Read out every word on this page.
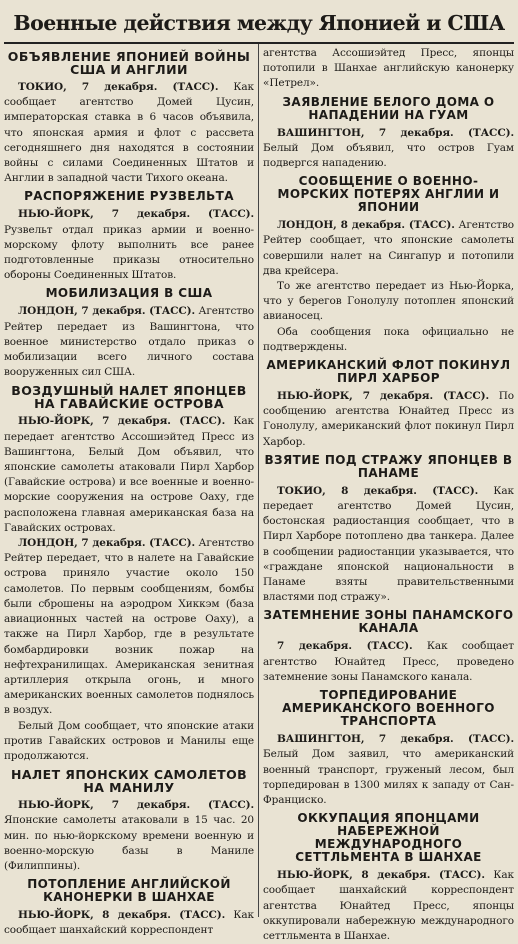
Военные действия между Японией и США
ОБЪЯВЛЕНИЕ ЯПОНИЕЙ ВОЙНЫ США И АНГЛИИ

ТОКИО, 7 декабря. (ТАСС). Как сообщает агентство Домей Цусин, императорская ставка в 6 часов объявила, что японская армия и флот с рассвета сегодняшнего дня находятся в состоянии войны с силами Соединенных Штатов и Англии в западной части Тихого океана.

РАСПОРЯЖЕНИЕ РУЗВЕЛЬТА

НЬЮ-ЙОРК, 7 декабря. (ТАСС). Рузвельт отдал приказ армии и военно-морскому флоту выполнить все ранее подготовленные приказы относительно обороны Соединенных Штатов.

МОБИЛИЗАЦИЯ В США

ЛОНДОН, 7 декабря. (ТАСС). Агентство Рейтер передает из Вашингтона, что военное министерство отдало приказ о мобилизации всего личного состава вооруженных сил США.

ВОЗДУШНЫЙ НАЛЕТ ЯПОНЦЕВ НА ГАВАЙСКИЕ ОСТРОВА

НЬЮ-ЙОРК, 7 декабря. (ТАСС). Как передает агентство Ассошиэйтед Пресс из Вашингтона, Белый Дом объявил, что японские самолеты атаковали Пирл Харбор (Гавайские острова) и все военные и военно-морские сооружения на острове Оаху, где расположена главная американская база на Гавайских островах.

ЛОНДОН, 7 декабря. (ТАСС). Агентство Рейтер передает, что в налете на Гавайские острова приняло участие около 150 самолетов. По первым сообщениям, бомбы были сброшены на аэродром Хиккэм (база авиационных частей на острове Оаху), а также на Пирл Харбор, где в результате бомбардировки возник пожар на нефтехранилищах. Американская зенитная артиллерия открыла огонь, и много американских военных самолетов поднялось в воздух.

Белый Дом сообщает, что японские атаки против Гавайских островов и Манилы еще продолжаются.

НАЛЕТ ЯПОНСКИХ САМОЛЕТОВ НА МАНИЛУ

НЬЮ-ЙОРК, 7 декабря. (ТАСС). Японские самолеты атаковали в 15 час. 20 мин. по нью-йоркскому времени военную и военно-морскую базы в Маниле (Филиппины).

ПОТОПЛЕНИЕ АНГЛИЙСКОЙ КАНОНЕРКИ В ШАНХАЕ

НЬЮ-ЙОРК, 8 декабря. (ТАСС). Как сообщает шанхайский корреспондент

агентства Ассошиэйтед Пресс, японцы потопили в Шанхае английскую канонерку «Петрел».

ЗАЯВЛЕНИЕ БЕЛОГО ДОМА О НАПАДЕНИИ НА ГУАМ

ВАШИНГТОН, 7 декабря. (ТАСС). Белый Дом объявил, что остров Гуам подвергся нападению.

СООБЩЕНИЕ О ВОЕННО-МОРСКИХ ПОТЕРЯХ АНГЛИИ И ЯПОНИИ

ЛОНДОН, 8 декабря. (ТАСС). Агентство Рейтер сообщает, что японские самолеты совершили налет на Сингапур и потопили два крейсера.

То же агентство передает из Нью-Йорка, что у берегов Гонолулу потоплен японский авианосец.

Оба сообщения пока официально не подтверждены.

АМЕРИКАНСКИЙ ФЛОТ ПОКИНУЛ ПИРЛ ХАРБОР

НЬЮ-ЙОРК, 7 декабря. (ТАСС). По сообщению агентства Юнайтед Пресс из Гонолулу, американский флот покинул Пирл Харбор.

ВЗЯТИЕ ПОД СТРАЖУ ЯПОНЦЕВ В ПАНАМЕ

ТОКИО, 8 декабря. (ТАСС). Как передает агентство Домей Цусин, бостонская радиостанция сообщает, что в Пирл Харборе потоплено два танкера. Далее в сообщении радиостанции указывается, что «граждане японской национальности в Панаме взяты правительственными властями под стражу».

ЗАТЕМНЕНИЕ ЗОНЫ ПАНАМСКОГО КАНАЛА

7 декабря. (ТАСС). Как сообщает агентство Юнайтед Пресс, проведено затемнение зоны Панамского канала.

ТОРПЕДИРОВАНИЕ АМЕРИКАНСКОГО ВОЕННОГО ТРАНСПОРТА

ВАШИНГТОН, 7 декабря. (ТАСС). Белый Дом заявил, что американский военный транспорт, груженый лесом, был торпедирован в 1300 милях к западу от Сан-Франциско.

ОККУПАЦИЯ ЯПОНЦАМИ НАБЕРЕЖНОЙ МЕЖДУНАРОДНОГО СЕТТЛЬМЕНТА В ШАНХАЕ

НЬЮ-ЙОРК, 8 декабря. (ТАСС). Как сообщает шанхайский корреспондент агентства Юнайтед Пресс, японцы оккупировали набережную международного сеттльмента в Шанхае.
